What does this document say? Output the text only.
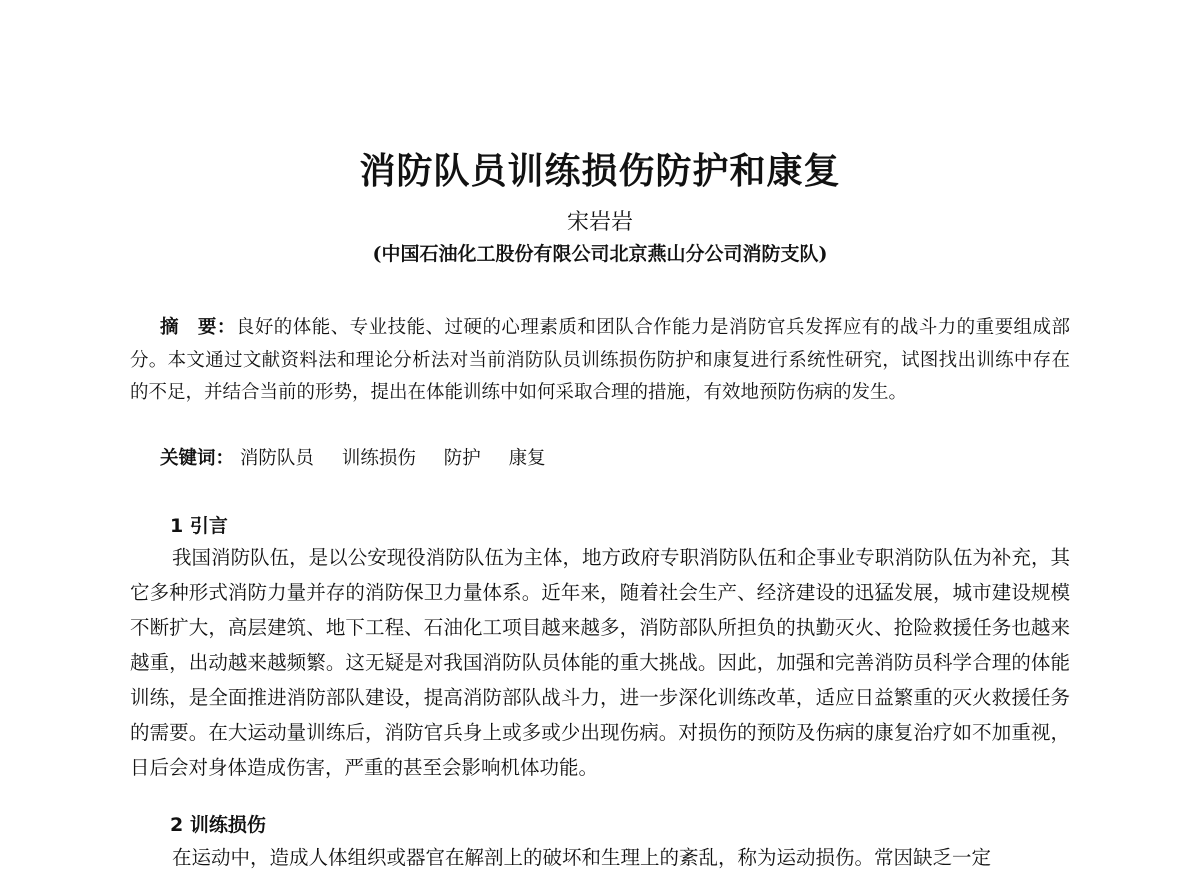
消防队员训练损伤防护和康复
宋岩岩
(中国石油化工股份有限公司北京燕山分公司消防支队)

摘　要：良好的体能、专业技能、过硬的心理素质和团队合作能力是消防官兵发挥应有的战斗力的重要组成部分。本文通过文献资料法和理论分析法对当前消防队员训练损伤防护和康复进行系统性研究，试图找出训练中存在的不足，并结合当前的形势，提出在体能训练中如何采取合理的措施，有效地预防伤病的发生。

关键词： 消防队员 训练损伤 防护 康复
1 引言

我国消防队伍，是以公安现役消防队伍为主体，地方政府专职消防队伍和企事业专职消防队伍为补充，其它多种形式消防力量并存的消防保卫力量体系。近年来，随着社会生产、经济建设的迅猛发展，城市建设规模不断扩大，高层建筑、地下工程、石油化工项目越来越多，消防部队所担负的执勤灭火、抢险救援任务也越来越重，出动越来越频繁。这无疑是对我国消防队员体能的重大挑战。因此，加强和完善消防员科学合理的体能训练，是全面推进消防部队建设，提高消防部队战斗力，进一步深化训练改革，适应日益繁重的灭火救援任务的需要。在大运动量训练后，消防官兵身上或多或少出现伤病。对损伤的预防及伤病的康复治疗如不加重视，日后会对身体造成伤害，严重的甚至会影响机体功能。

2 训练损伤

在运动中，造成人体组织或器官在解剖上的破坏和生理上的紊乱，称为运动损伤。常因缺乏一定
